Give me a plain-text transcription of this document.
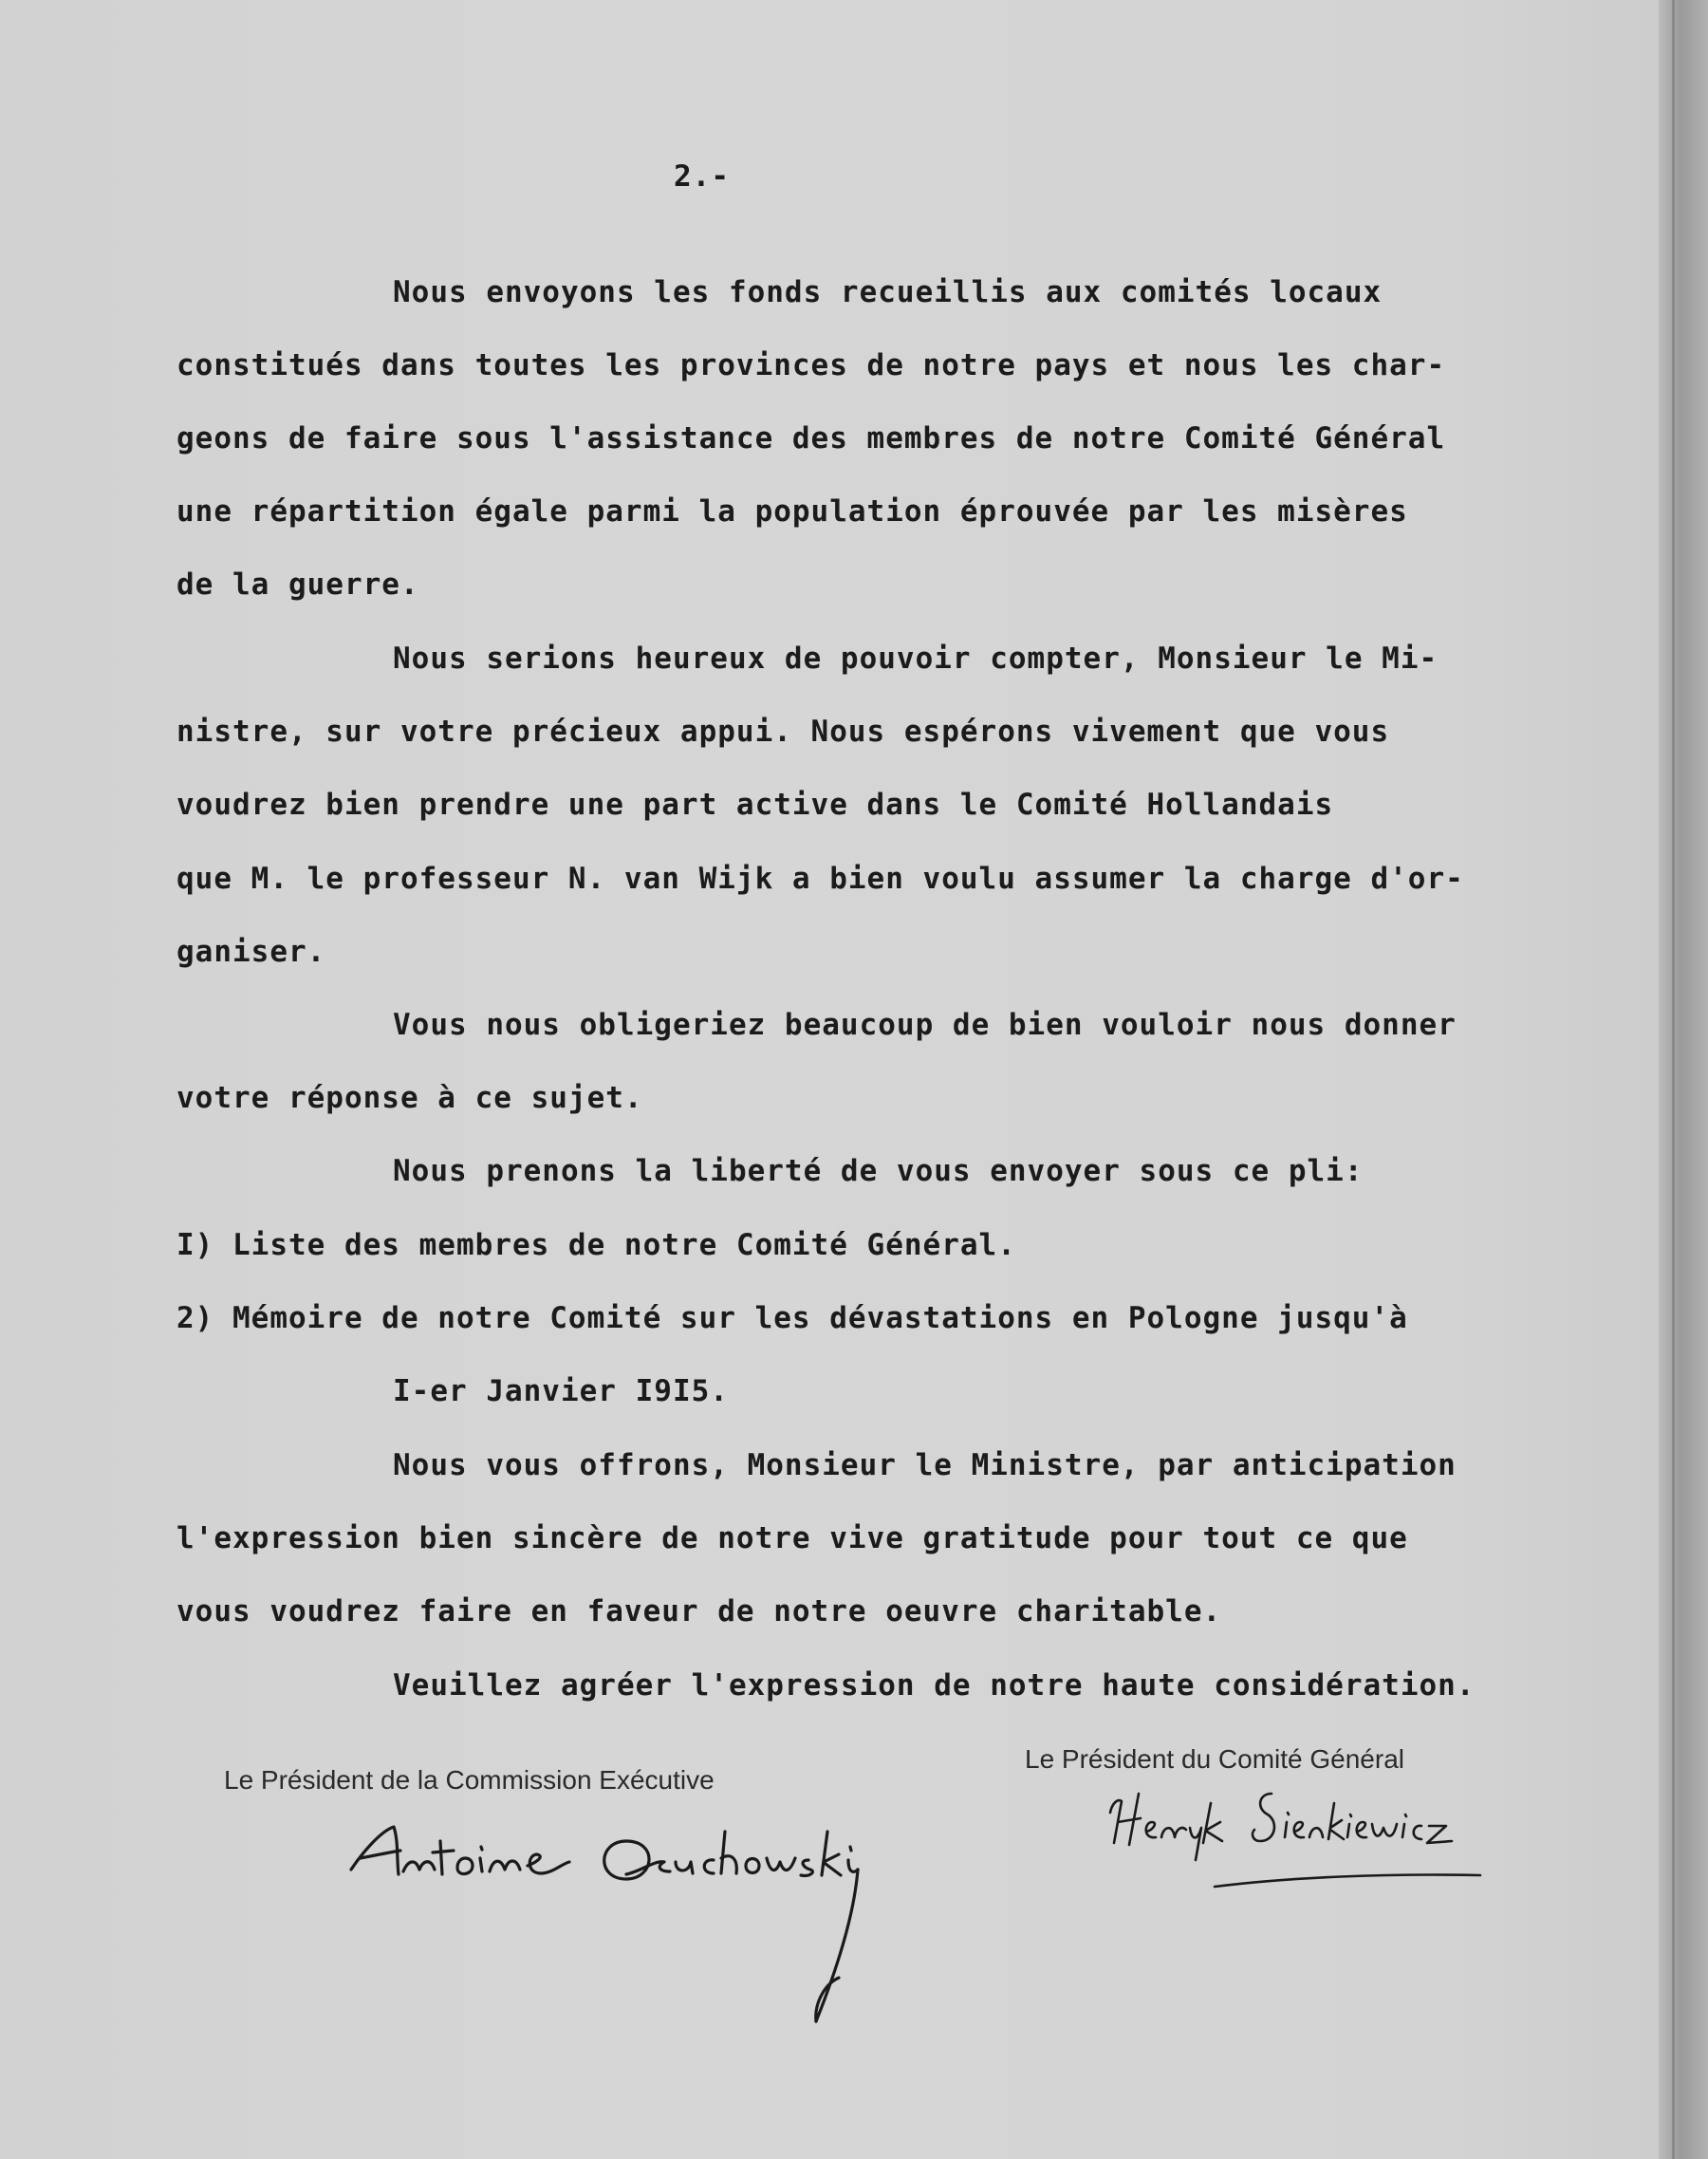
2.-

Nous envoyons les fonds recueillis aux comités locaux

constitués dans toutes les provinces de notre pays et nous les char-

geons de faire sous l'assistance des membres de notre Comité Général

une répartition égale parmi la population éprouvée par les misères

de la guerre.

Nous serions heureux de pouvoir compter, Monsieur le Mi-

nistre, sur votre précieux appui. Nous espérons vivement que vous

voudrez bien prendre une part active dans le Comité Hollandais

que M. le professeur N. van Wijk a bien voulu assumer la charge d'or-

ganiser.

Vous nous obligeriez beaucoup de bien vouloir nous donner

votre réponse à ce sujet.

Nous prenons la liberté de vous envoyer sous ce pli:

I) Liste des membres de notre Comité Général.

2) Mémoire de notre Comité sur les dévastations en Pologne jusqu'à

I-er Janvier I9I5.

Nous vous offrons, Monsieur le Ministre, par anticipation

l'expression bien sincère de notre vive gratitude pour tout ce que

vous voudrez faire en faveur de notre oeuvre charitable.

Veuillez agréer l'expression de notre haute considération.

Le Président de la Commission Exécutive
Le Président du Comité Général
